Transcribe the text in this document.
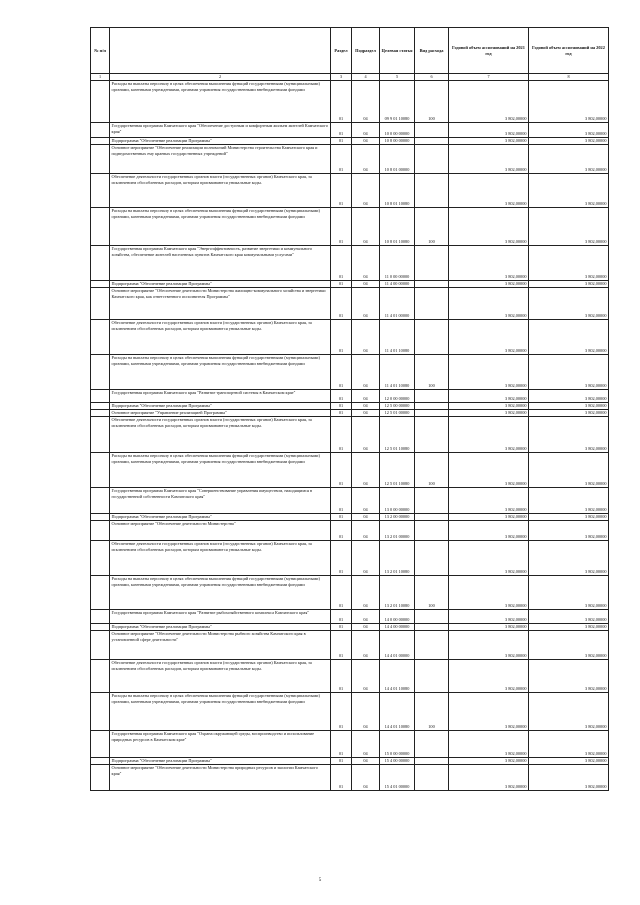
№ п/п		Раздел	Подраздел	Целевая статья	Вид расхода	Годовой объем ассигнований на 2021 год	Годовой объем ассигнований на 2022 год
1	2	3	4	5	6	7	8
	Расходы на выплаты персоналу в целях обеспечения выполнения функций государственными (муниципальными) органами, казенными учреждениями, органами управления государственными внебюджетными фондами	01	04	09 9 01 10080	100	3 802,00000	3 802,00000
	Государственная программа Камчатского края "Обеспечение доступным и комфортным жильем жителей Камчатского края"	01	04	10 0 00 00000		3 802,00000	3 802,00000
	Подпрограмма "Обеспечение реализации Программы"	01	04	10 8 00 00000		3 802,00000	3 802,00000
	Основное мероприятие "Обеспечение реализации полномочий Министерства строительства Камчатского края и подведомственных ему краевых государственных учреждений"	01	04	10 8 01 00000		3 802,00000	3 802,00000
	Обеспечение деятельности государственных органов власти (государственных органов) Камчатского края, за исключением обособленных расходов, которым присваиваются уникальные коды.	01	04	10 8 01 10080		3 802,00000	3 802,00000
	Расходы на выплаты персоналу в целях обеспечения выполнения функций государственными (муниципальными) органами, казенными учреждениями, органами управления государственными внебюджетными фондами	01	04	10 8 01 10080	100	3 802,00000	3 802,00000
	Государственная программа Камчатского края "Энергоэффективность, развитие энергетики и коммунального хозяйства, обеспечение жителей населенных пунктов Камчатского края коммунальными услугами"	01	04	11 0 00 00000		3 802,00000	3 802,00000
	Подпрограмма "Обеспечение реализации Программы"	01	04	11 4 00 00000		3 802,00000	3 802,00000
	Основное мероприятие "Обеспечение деятельности Министерства жилищно-коммунального хозяйства и энергетики Камчатского края, как ответственного исполнителя Программы"	01	04	11 4 01 00000		3 802,00000	3 802,00000
	Обеспечение деятельности государственных органов власти (государственных органов) Камчатского края, за исключением обособленных расходов, которым присваиваются уникальные коды.	01	04	11 4 01 10080		3 802,00000	3 802,00000
	Расходы на выплаты персоналу в целях обеспечения выполнения функций государственными (муниципальными) органами, казенными учреждениями, органами управления государственными внебюджетными фондами	01	04	11 4 01 10080	100	3 802,00000	3 802,00000
	Государственная программа Камчатского края "Развитие транспортной системы в Камчатском крае"	01	04	12 0 00 00000		3 802,00000	3 802,00000
	Подпрограмма "Обеспечение реализации Программы"	01	04	12 5 00 00000		3 802,00000	3 802,00000
	Основное мероприятие "Управление реализацией Программы"	01	04	12 5 01 00000		3 802,00000	3 802,00000
	Обеспечение деятельности государственных органов власти (государственных органов) Камчатского края, за исключением обособленных расходов, которым присваиваются уникальные коды.	01	04	12 5 01 10080		3 802,00000	3 802,00000
	Расходы на выплаты персоналу в целях обеспечения выполнения функций государственными (муниципальными) органами, казенными учреждениями, органами управления государственными внебюджетными фондами	01	04	12 5 01 10080	100	3 802,00000	3 802,00000
	Государственная программа Камчатского края "Совершенствование управления имуществом, находящимся в государственной собственности Камчатского края"	01	04	13 0 00 00000		3 802,00000	3 802,00000
	Подпрограмма "Обеспечение реализации Программы"	01	04	13 2 00 00000		3 802,00000	3 802,00000
	Основное мероприятие "Обеспечение деятельности Министерства"	01	04	13 2 01 00000		3 802,00000	3 802,00000
	Обеспечение деятельности государственных органов власти (государственных органов) Камчатского края, за исключением обособленных расходов, которым присваиваются уникальные коды.	01	04	13 2 01 10080		3 802,00000	3 802,00000
	Расходы на выплаты персоналу в целях обеспечения выполнения функций государственными (муниципальными) органами, казенными учреждениями, органами управления государственными внебюджетными фондами	01	04	13 2 01 10080	100	3 802,00000	3 802,00000
	Государственная программа Камчатского края "Развитие рыбохозяйственного комплекса Камчатского края"	01	04	14 0 00 00000		3 802,00000	3 802,00000
	Подпрограмма "Обеспечение реализации Программы"	01	04	14 4 00 00000		3 802,00000	3 802,00000
	Основное мероприятие "Обеспечение деятельности Министерства рыбного хозяйства Камчатского края в установленной сфере деятельности"	01	04	14 4 01 00000		3 802,00000	3 802,00000
	Обеспечение деятельности государственных органов власти (государственных органов) Камчатского края, за исключением обособленных расходов, которым присваиваются уникальные коды.	01	04	14 4 01 10080		3 802,00000	3 802,00000
	Расходы на выплаты персоналу в целях обеспечения выполнения функций государственными (муниципальными) органами, казенными учреждениями, органами управления государственными внебюджетными фондами	01	04	14 4 01 10080	100	3 802,00000	3 802,00000
	Государственная программа Камчатского края "Охрана окружающей среды, воспроизводство и использование природных ресурсов в Камчатском крае"	01	04	15 0 00 00000		3 802,00000	3 802,00000
	Подпрограмма "Обеспечение реализации Программы"	01	04	15 4 00 00000		3 802,00000	3 802,00000
	Основное мероприятие "Обеспечение деятельности Министерства природных ресурсов и экологии Камчатского края"	01	04	15 4 01 00000		3 802,00000	3 802,00000
5
